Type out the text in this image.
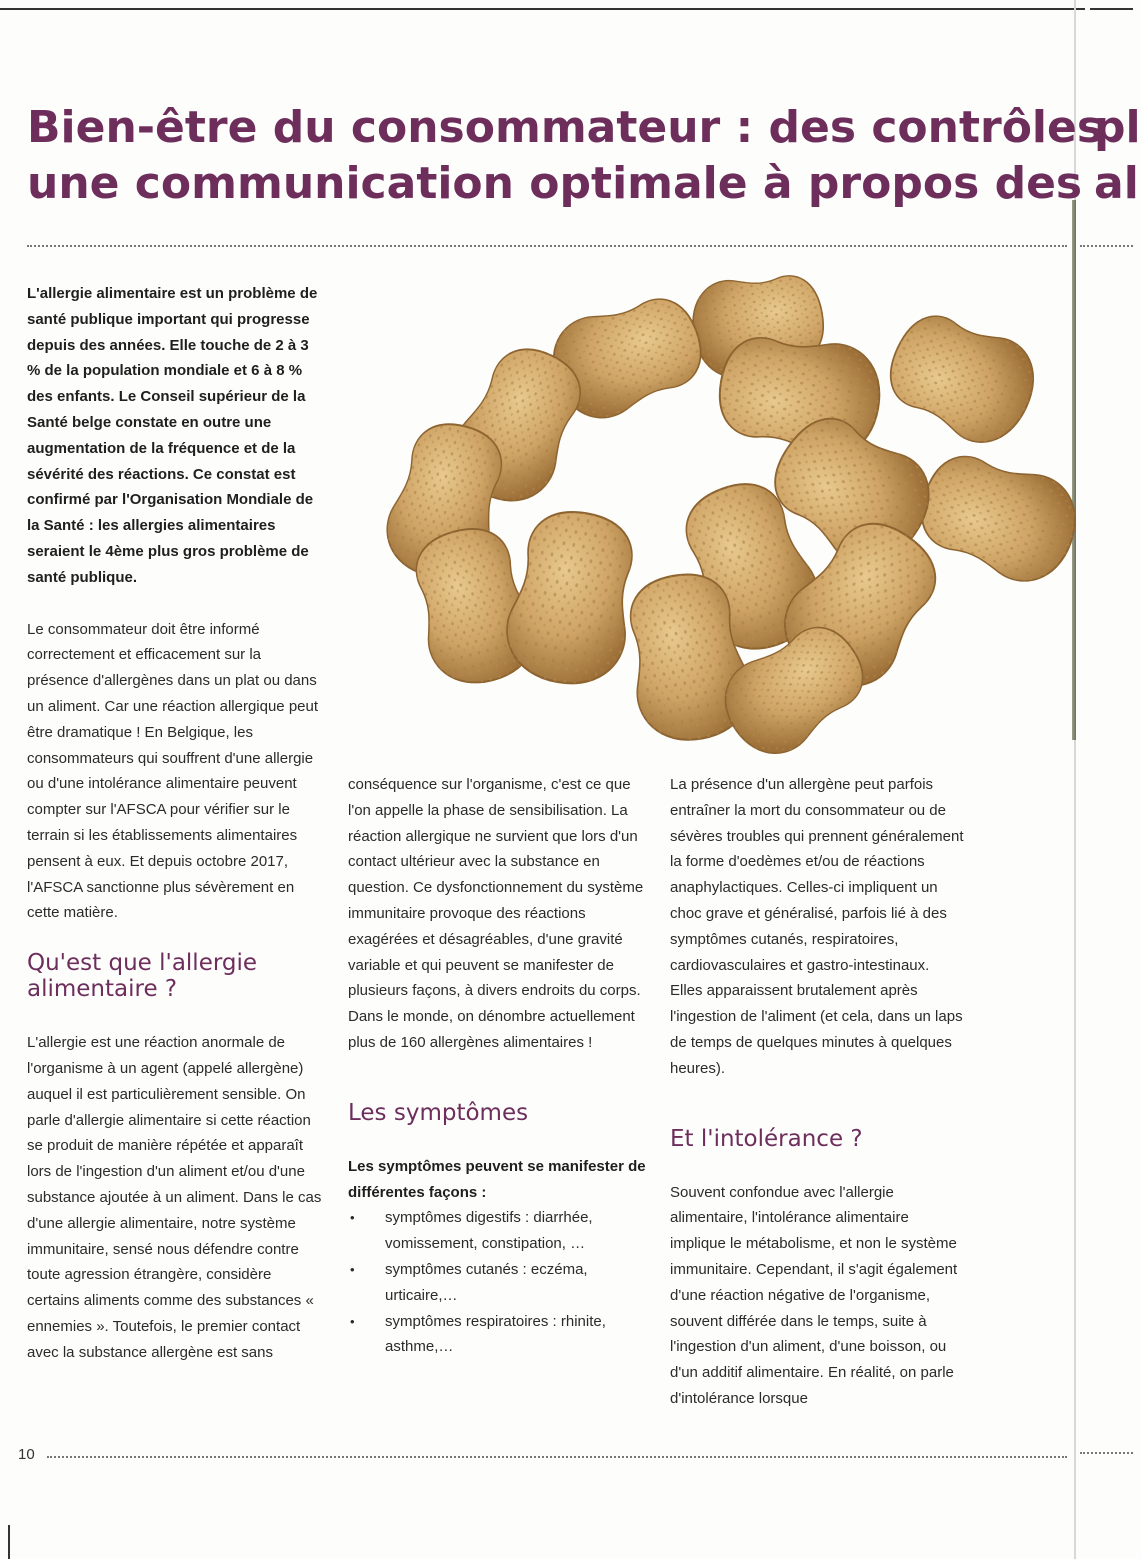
Bien-être du consommateur : des contrôles
une communication optimale à propos des
pl
al

L'allergie alimentaire est un problème de santé publique important qui progresse depuis des années. Elle touche de 2 à 3 % de la population mondiale et 6 à 8 % des enfants. Le Conseil supérieur de la Santé belge constate en outre une augmentation de la fréquence et de la sévérité des réactions. Ce constat est confirmé par l'Organisation Mondiale de la Santé : les allergies alimentaires seraient le 4ème plus gros problème de santé publique.

Le consommateur doit être informé correctement et efficacement sur la présence d'allergènes dans un plat ou dans un aliment. Car une réaction allergique peut être dramatique ! En Belgique, les consommateurs qui souffrent d'une allergie ou d'une intolérance alimentaire peuvent compter sur l'AFSCA pour vérifier sur le terrain si les établissements alimentaires pensent à eux. Et depuis octobre 2017, l'AFSCA sanctionne plus sévèrement en cette matière.

Qu'est que l'allergie alimentaire ?

L'allergie est une réaction anormale de l'organisme à un agent (appelé allergène) auquel il est particulièrement sensible. On parle d'allergie alimentaire si cette réaction se produit de manière répétée et apparaît lors de l'ingestion d'un aliment et/ou d'une substance ajoutée à un aliment. Dans le cas d'une allergie alimentaire, notre système immunitaire, sensé nous défendre contre toute agression étrangère, considère certains aliments comme des substances « ennemies ». Toutefois, le premier contact avec la substance allergène est sans

conséquence sur l'organisme, c'est ce que l'on appelle la phase de sensibilisation. La réaction allergique ne survient que lors d'un contact ultérieur avec la substance en question. Ce dysfonctionnement du système immunitaire provoque des réactions exagérées et désagréables, d'une gravité variable et qui peuvent se manifester de plusieurs façons, à divers endroits du corps. Dans le monde, on dénombre actuellement plus de 160 allergènes alimentaires !

Les symptômes

Les symptômes peuvent se manifester de différentes façons :

• symptômes digestifs : diarrhée, vomissement, constipation, …
• symptômes cutanés : eczéma, urticaire,…
• symptômes respiratoires : rhinite, asthme,…

La présence d'un allergène peut parfois entraîner la mort du consommateur ou de sévères troubles qui prennent généralement la forme d'oedèmes et/ou de réactions anaphylactiques. Celles-ci impliquent un choc grave et généralisé, parfois lié à des symptômes cutanés, respiratoires, cardiovasculaires et gastro-intestinaux. Elles apparaissent brutalement après l'ingestion de l'aliment (et cela, dans un laps de temps de quelques minutes à quelques heures).

Et l'intolérance ?

Souvent confondue avec l'allergie alimentaire, l'intolérance alimentaire implique le métabolisme, et non le système immunitaire. Cependant, il s'agit également d'une réaction négative de l'organisme, souvent différée dans le temps, suite à l'ingestion d'un aliment, d'une boisson, ou d'un additif alimentaire. En réalité, on parle d'intolérance lorsque

10
